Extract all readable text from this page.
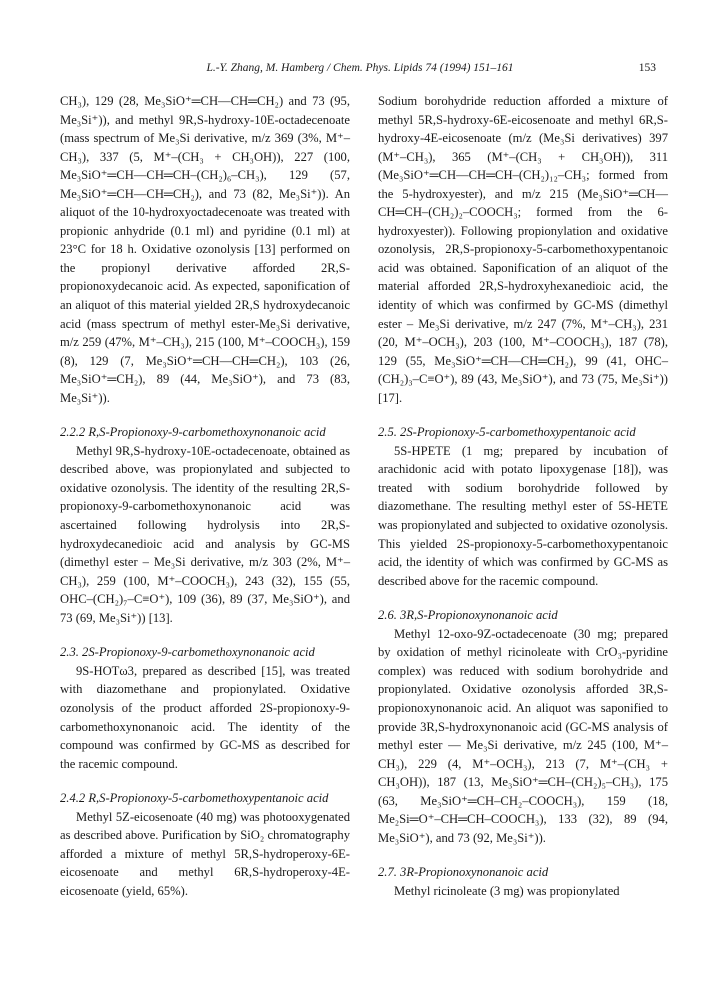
L.-Y. Zhang, M. Hamberg / Chem. Phys. Lipids 74 (1994) 151–161	153

CH₃), 129 (28, Me₃SiO⁺═CH—CH═CH₂) and 73 (95, Me₃Si⁺)), and methyl 9R,S-hydroxy-10E-octadecenoate (mass spectrum of Me₃Si derivative, m/z 369 (3%, M⁺–CH₃), 337 (5, M⁺–(CH₃ + CH₃OH)), 227 (100, Me₃SiO⁺═CH—CH═CH–(CH₂)₆–CH₃), 129 (57, Me₃SiO⁺═CH—CH═CH₂), and 73 (82, Me₃Si⁺)). An aliquot of the 10-hydroxyoctadecenoate was treated with propionic anhydride (0.1 ml) and pyridine (0.1 ml) at 23°C for 18 h. Oxidative ozonolysis [13] performed on the propionyl derivative afforded 2R,S-propionoxydecanoic acid. As expected, saponification of an aliquot of this material yielded 2R,S hydroxydecanoic acid (mass spectrum of methyl ester-Me₃Si derivative, m/z 259 (47%, M⁺–CH₃), 215 (100, M⁺–COOCH₃), 159 (8), 129 (7, Me₃SiO⁺═CH—CH═CH₂), 103 (26, Me₃SiO⁺═CH₂), 89 (44, Me₃SiO⁺), and 73 (83, Me₃Si⁺)).

2.2.2 R,S-Propionoxy-9-carbomethoxynonanoic acid

Methyl 9R,S-hydroxy-10E-octadecenoate, obtained as described above, was propionylated and subjected to oxidative ozonolysis. The identity of the resulting 2R,S-propionoxy-9-carbomethoxynonanoic acid was ascertained following hydrolysis into 2R,S-hydroxydecanedioic acid and analysis by GC-MS (dimethyl ester – Me₃Si derivative, m/z 303 (2%, M⁺–CH₃), 259 (100, M⁺–COOCH₃), 243 (32), 155 (55, OHC–(CH₂)₇–C≡O⁺), 109 (36), 89 (37, Me₃SiO⁺), and 73 (69, Me₃Si⁺)) [13].

2.3. 2S-Propionoxy-9-carbomethoxynonanoic acid

9S-HOTω3, prepared as described [15], was treated with diazomethane and propionylated. Oxidative ozonolysis of the product afforded 2S-propionoxy-9-carbomethoxynonanoic acid. The identity of the compound was confirmed by GC-MS as described for the racemic compound.

2.4.2 R,S-Propionoxy-5-carbomethoxypentanoic acid

Methyl 5Z-eicosenoate (40 mg) was photooxygenated as described above. Purification by SiO₂ chromatography afforded a mixture of methyl 5R,S-hydroperoxy-6E-eicosenoate and methyl 6R,S-hydroperoxy-4E-eicosenoate (yield, 65%).

Sodium borohydride reduction afforded a mixture of methyl 5R,S-hydroxy-6E-eicosenoate and methyl 6R,S-hydroxy-4E-eicosenoate (m/z (Me₃Si derivatives) 397 (M⁺–CH₃), 365 (M⁺–(CH₃ + CH₃OH)), 311 (Me₃SiO⁺═CH—CH═CH–(CH₂)₁₂–CH₃; formed from the 5-hydroxyester), and m/z 215 (Me₃SiO⁺═CH—CH═CH–(CH₂)₂–COOCH₃; formed from the 6-hydroxyester)). Following propionylation and oxidative ozonolysis, 2R,S-propionoxy-5-carbomethoxypentanoic acid was obtained. Saponification of an aliquot of the material afforded 2R,S-hydroxyhexanedioic acid, the identity of which was confirmed by GC-MS (dimethyl ester – Me₃Si derivative, m/z 247 (7%, M⁺–CH₃), 231 (20, M⁺–OCH₃), 203 (100, M⁺–COOCH₃), 187 (78), 129 (55, Me₃SiO⁺═CH—CH═CH₂), 99 (41, OHC–(CH₂)₃–C≡O⁺), 89 (43, Me₃SiO⁺), and 73 (75, Me₃Si⁺)) [17].

2.5. 2S-Propionoxy-5-carbomethoxypentanoic acid

5S-HPETE (1 mg; prepared by incubation of arachidonic acid with potato lipoxygenase [18]), was treated with sodium borohydride followed by diazomethane. The resulting methyl ester of 5S-HETE was propionylated and subjected to oxidative ozonolysis. This yielded 2S-propionoxy-5-carbomethoxypentanoic acid, the identity of which was confirmed by GC-MS as described above for the racemic compound.

2.6. 3R,S-Propionoxynonanoic acid

Methyl 12-oxo-9Z-octadecenoate (30 mg; prepared by oxidation of methyl ricinoleate with CrO₃-pyridine complex) was reduced with sodium borohydride and propionylated. Oxidative ozonolysis afforded 3R,S-propionoxynonanoic acid. An aliquot was saponified to provide 3R,S-hydroxynonanoic acid (GC-MS analysis of methyl ester — Me₃Si derivative, m/z 245 (100, M⁺–CH₃), 229 (4, M⁺–OCH₃), 213 (7, M⁺–(CH₃ + CH₃OH)), 187 (13, Me₃SiO⁺═CH–(CH₂)₅–CH₃), 175 (63, Me₃SiO⁺═CH–CH₂–COOCH₃), 159 (18, Me₂Si═O⁺–CH═CH–COOCH₃), 133 (32), 89 (94, Me₃SiO⁺), and 73 (92, Me₃Si⁺)).

2.7. 3R-Propionoxynonanoic acid

Methyl ricinoleate (3 mg) was propionylated
